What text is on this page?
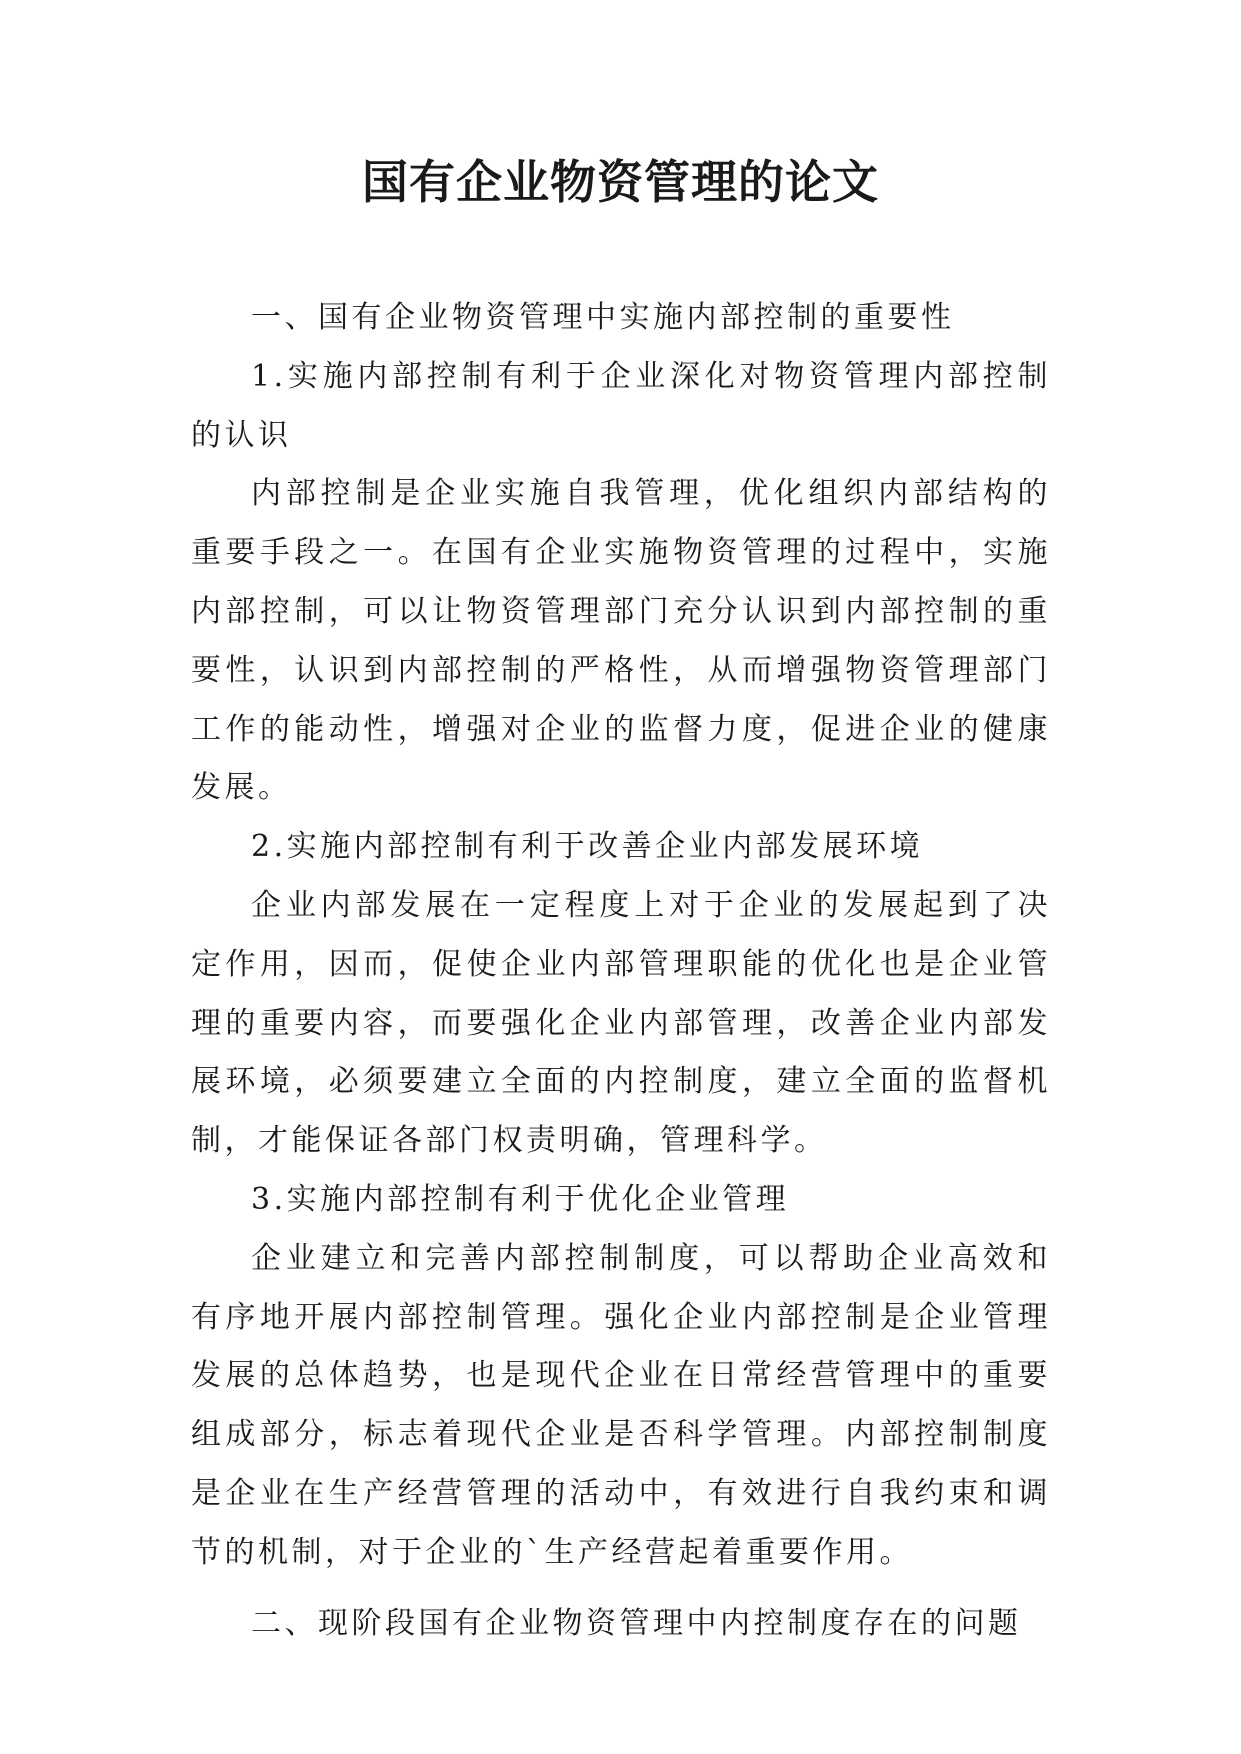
国有企业物资管理的论文

一、国有企业物资管理中实施内部控制的重要性

1.实施内部控制有利于企业深化对物资管理内部控制的认识

内部控制是企业实施自我管理，优化组织内部结构的重要手段之一。在国有企业实施物资管理的过程中，实施内部控制，可以让物资管理部门充分认识到内部控制的重要性，认识到内部控制的严格性，从而增强物资管理部门工作的能动性，增强对企业的监督力度，促进企业的健康发展。

2.实施内部控制有利于改善企业内部发展环境

企业内部发展在一定程度上对于企业的发展起到了决定作用，因而，促使企业内部管理职能的优化也是企业管理的重要内容，而要强化企业内部管理，改善企业内部发展环境，必须要建立全面的内控制度，建立全面的监督机制，才能保证各部门权责明确，管理科学。

3.实施内部控制有利于优化企业管理

企业建立和完善内部控制制度，可以帮助企业高效和有序地开展内部控制管理。强化企业内部控制是企业管理发展的总体趋势，也是现代企业在日常经营管理中的重要组成部分，标志着现代企业是否科学管理。内部控制制度是企业在生产经营管理的活动中，有效进行自我约束和调节的机制，对于企业的`生产经营起着重要作用。

二、现阶段国有企业物资管理中内控制度存在的问题
